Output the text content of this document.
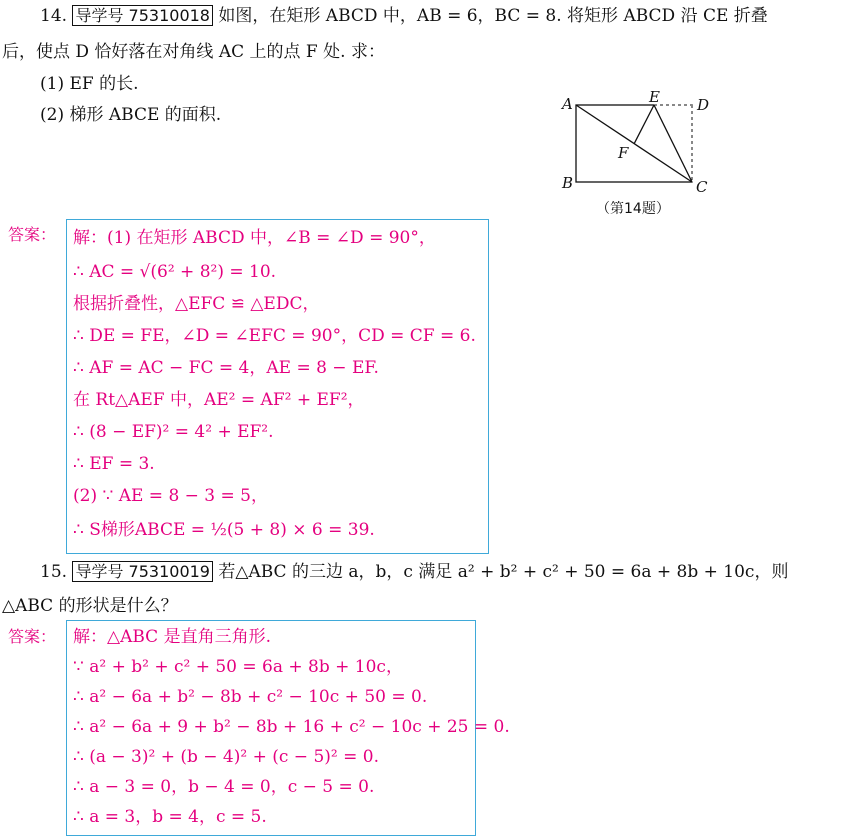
14. 导学号 75310018 如图，在矩形 ABCD 中，AB = 6，BC = 8. 将矩形 ABCD 沿 CE 折叠
后，使点 D 恰好落在对角线 AC 上的点 F 处. 求：
(1) EF 的长.
(2) 梯形 ABCE 的面积.
A
B	C
D
E
F
（第14题）
答案： 解：(1) 在矩形 ABCD 中，∠B = ∠D = 90°，
∴ AC = √(6² + 8²) = 10.
根据折叠性，△EFC ≌ △EDC，
∴ DE = FE，∠D = ∠EFC = 90°，CD = CF = 6.
∴ AF = AC − FC = 4，AE = 8 − EF.
在 Rt△AEF 中，AE² = AF² + EF²，
∴ (8 − EF)² = 4² + EF².
∴ EF = 3.
(2) ∵ AE = 8 − 3 = 5，
∴ S梯形ABCE = ½(5 + 8) × 6 = 39.
15. 导学号 75310019 若△ABC 的三边 a，b，c 满足 a² + b² + c² + 50 = 6a + 8b + 10c，则
△ABC 的形状是什么？
答案： 解：△ABC 是直角三角形.
∵ a² + b² + c² + 50 = 6a + 8b + 10c，
∴ a² − 6a + b² − 8b + c² − 10c + 50 = 0.
∴ a² − 6a + 9 + b² − 8b + 16 + c² − 10c + 25 = 0.
∴ (a − 3)² + (b − 4)² + (c − 5)² = 0.
∴ a − 3 = 0，b − 4 = 0，c − 5 = 0.
∴ a = 3，b = 4，c = 5.
